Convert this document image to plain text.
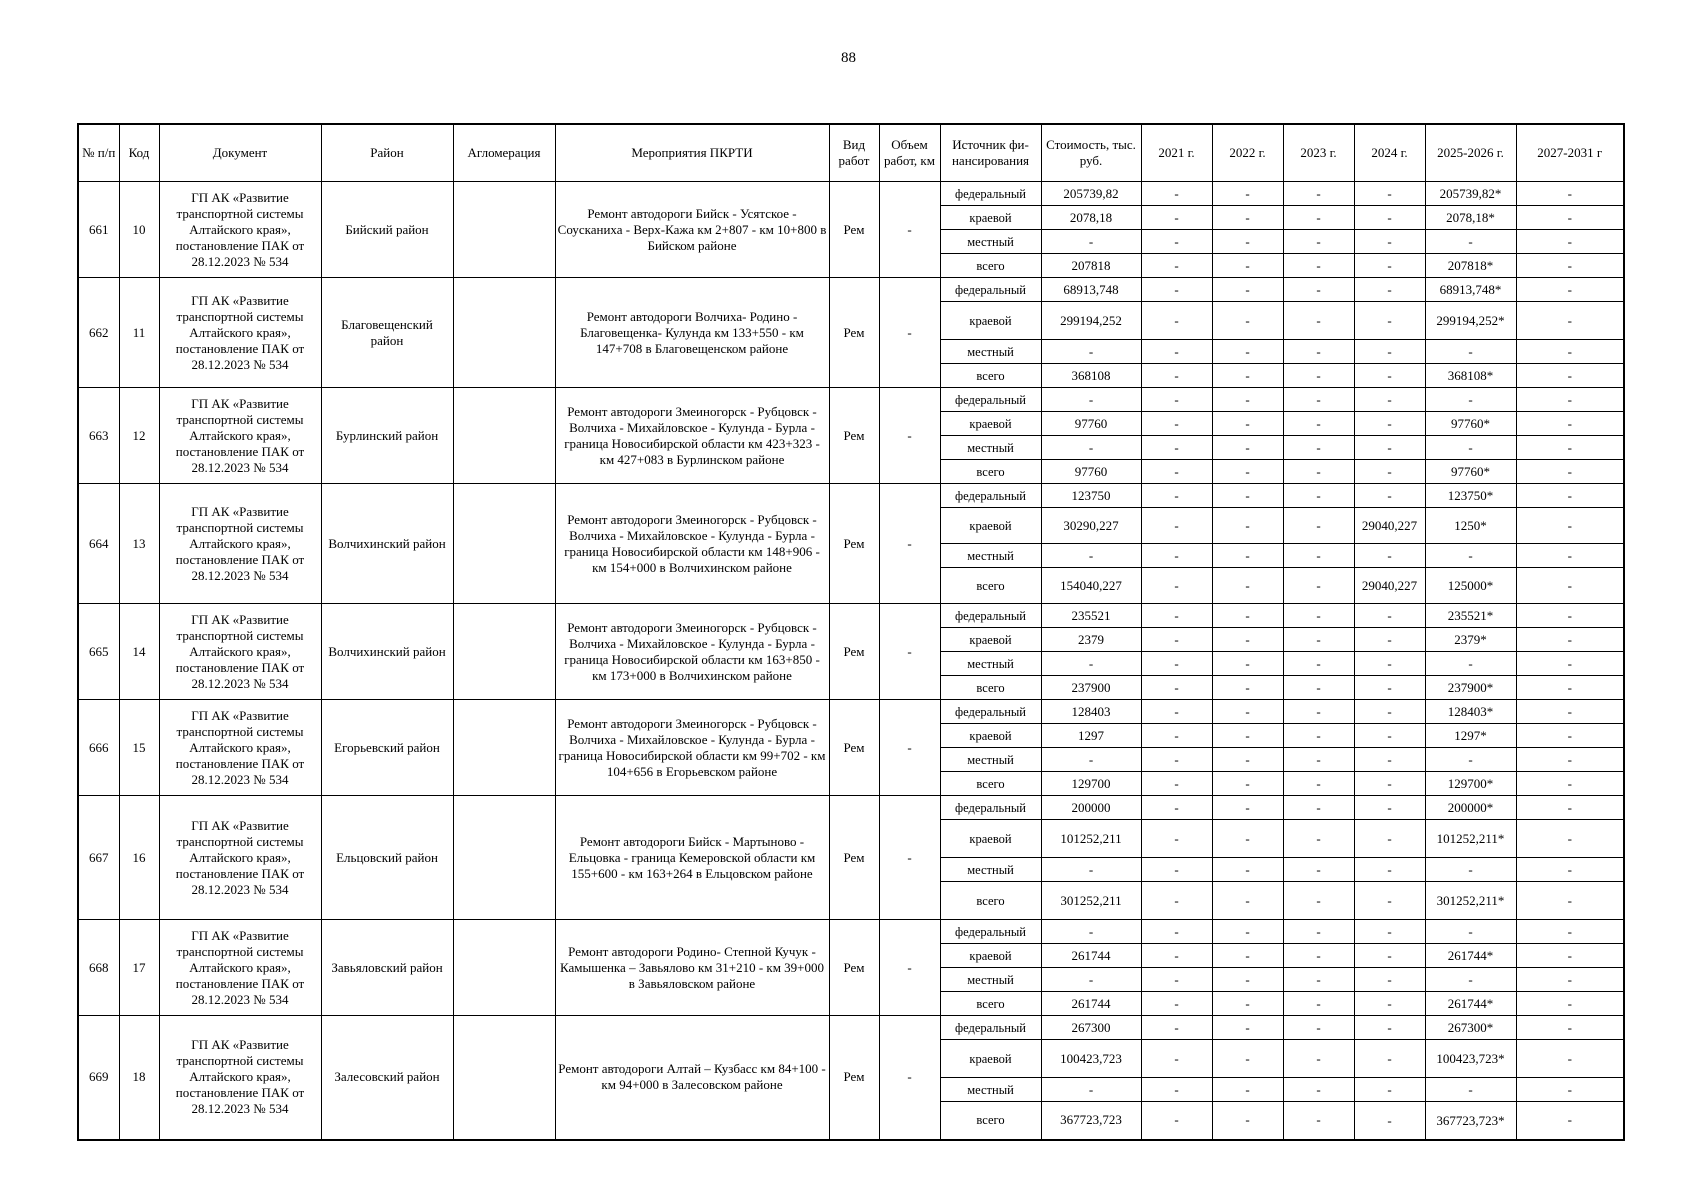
88
№ п/п	Код	Документ	Район	Агломерация	Мероприятия ПКРТИ	Вид работ	Объем работ, км	Источник фи-нансирования	Стоимость, тыс. руб.	2021 г.	2022 г.	2023 г.	2024 г.	2025-2026 г.	2027-2031 г
661	10	ГП АК «Развитие транспортной системы Алтайского края», постановление ПАК от 28.12.2023 № 534	Бийский район		Ремонт автодороги Бийск - Усятское - Соусканиха - Верх-Кажа км 2+807 - км 10+800 в Бийском районе	Рем	-	федеральный	205739,82	-	-	-	-	205739,82*	-
								краевой	2078,18	-	-	-	-	2078,18*	-
								местный	-	-	-	-	-	-	-
								всего	207818	-	-	-	-	207818*	-
662	11	ГП АК «Развитие транспортной системы Алтайского края», постановление ПАК от 28.12.2023 № 534	Благовещенский район		Ремонт автодороги Волчиха- Родино - Благовещенка- Кулунда км 133+550 - км 147+708 в Благовещенском районе	Рем	-	федеральный	68913,748	-	-	-	-	68913,748*	-
								краевой	299194,252	-	-	-	-	299194,252*	-
								местный	-	-	-	-	-	-	-
								всего	368108	-	-	-	-	368108*	-
663	12	ГП АК «Развитие транспортной системы Алтайского края», постановление ПАК от 28.12.2023 № 534	Бурлинский район		Ремонт автодороги Змеиногорск - Рубцовск - Волчиха - Михайловское - Кулунда - Бурла - граница Новосибирской области км 423+323 - км 427+083 в Бурлинском районе	Рем	-	федеральный	-	-	-	-	-	-	-
								краевой	97760	-	-	-	-	97760*	-
								местный	-	-	-	-	-	-	-
								всего	97760	-	-	-	-	97760*	-
664	13	ГП АК «Развитие транспортной системы Алтайского края», постановление ПАК от 28.12.2023 № 534	Волчихинский район		Ремонт автодороги Змеиногорск - Рубцовск - Волчиха - Михайловское - Кулунда - Бурла - граница Новосибирской области км 148+906 - км 154+000 в Волчихинском районе	Рем	-	федеральный	123750	-	-	-	-	123750*	-
								краевой	30290,227	-	-	-	29040,227	1250*	-
								местный	-	-	-	-	-	-	-
								всего	154040,227	-	-	-	29040,227	125000*	-
665	14	ГП АК «Развитие транспортной системы Алтайского края», постановление ПАК от 28.12.2023 № 534	Волчихинский район		Ремонт автодороги Змеиногорск - Рубцовск - Волчиха - Михайловское - Кулунда - Бурла - граница Новосибирской области км 163+850 - км 173+000 в Волчихинском районе	Рем	-	федеральный	235521	-	-	-	-	235521*	-
								краевой	2379	-	-	-	-	2379*	-
								местный	-	-	-	-	-	-	-
								всего	237900	-	-	-	-	237900*	-
666	15	ГП АК «Развитие транспортной системы Алтайского края», постановление ПАК от 28.12.2023 № 534	Егорьевский район		Ремонт автодороги Змеиногорск - Рубцовск - Волчиха - Михайловское - Кулунда - Бурла - граница Новосибирской области км 99+702 - км 104+656 в Егорьевском районе	Рем	-	федеральный	128403	-	-	-	-	128403*	-
								краевой	1297	-	-	-	-	1297*	-
								местный	-	-	-	-	-	-	-
								всего	129700	-	-	-	-	129700*	-
667	16	ГП АК «Развитие транспортной системы Алтайского края», постановление ПАК от 28.12.2023 № 534	Ельцовский район		Ремонт автодороги Бийск - Мартыново - Ельцовка - граница Кемеровской области км 155+600 - км 163+264 в Ельцовском районе	Рем	-	федеральный	200000	-	-	-	-	200000*	-
								краевой	101252,211	-	-	-	-	101252,211*	-
								местный	-	-	-	-	-	-	-
								всего	301252,211	-	-	-	-	301252,211*	-
668	17	ГП АК «Развитие транспортной системы Алтайского края», постановление ПАК от 28.12.2023 № 534	Завьяловский район		Ремонт автодороги Родино- Степной Кучук - Камышенка – Завьялово км 31+210 - км 39+000 в Завьяловском районе	Рем	-	федеральный	-	-	-	-	-	-	-
								краевой	261744	-	-	-	-	261744*	-
								местный	-	-	-	-	-	-	-
								всего	261744	-	-	-	-	261744*	-
669	18	ГП АК «Развитие транспортной системы Алтайского края», постановление ПАК от 28.12.2023 № 534	Залесовский район		Ремонт автодороги Алтай – Кузбасс км 84+100 - км 94+000 в Залесовском районе	Рем	-	федеральный	267300	-	-	-	-	267300*	-
								краевой	100423,723	-	-	-	-	100423,723*	-
								местный	-	-	-	-	-	-	-
								всего	367723,723	-	-	-	-	367723,723*	-
